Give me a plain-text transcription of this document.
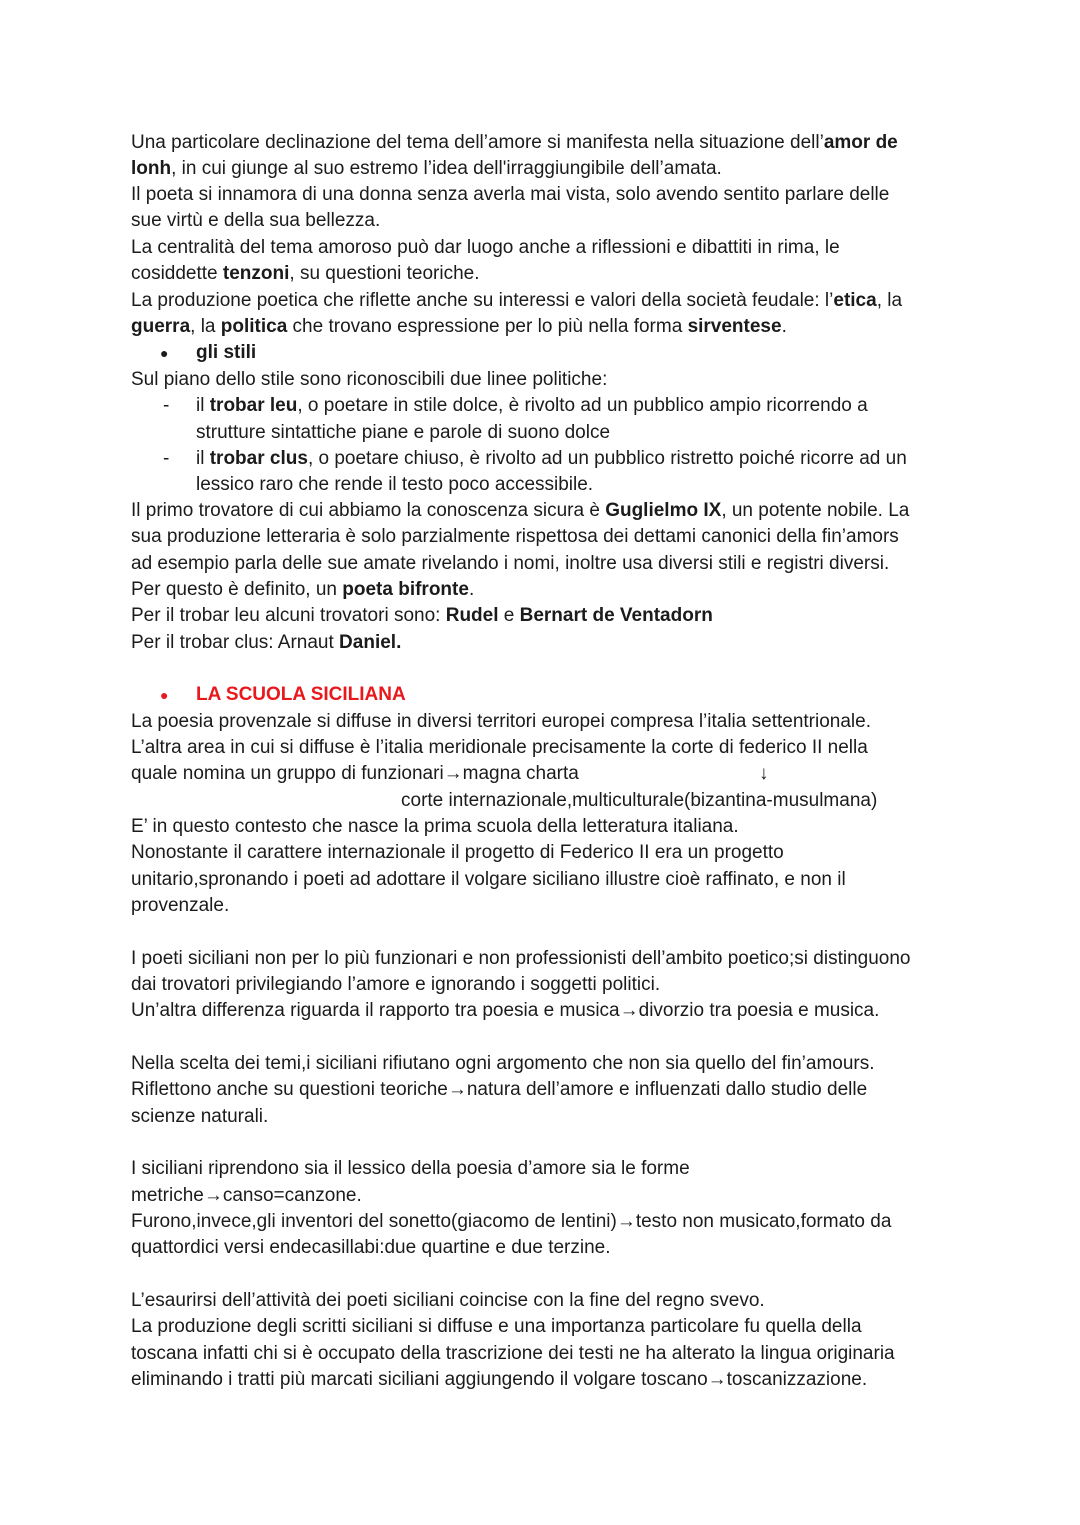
Una particolare declinazione del tema dell’amore si manifesta nella situazione dell’amor de
lonh, in cui giunge al suo estremo l’idea dell'irraggiungibile dell’amata.
Il poeta si innamora di una donna senza averla mai vista, solo avendo sentito parlare delle
sue virtù e della sua bellezza.
La centralità del tema amoroso può dar luogo anche a riflessioni e dibattiti in rima, le
cosiddette tenzoni, su questioni teoriche.
La produzione poetica che riflette anche su interessi e valori della società feudale: l’etica, la
guerra, la politica che trovano espressione per lo più nella forma sirventese.
● gli stili
Sul piano dello stile sono riconoscibili due linee politiche:
- il trobar leu, o poetare in stile dolce, è rivolto ad un pubblico ampio ricorrendo a
strutture sintattiche piane e parole di suono dolce
- il trobar clus, o poetare chiuso, è rivolto ad un pubblico ristretto poiché ricorre ad un
lessico raro che rende il testo poco accessibile.
Il primo trovatore di cui abbiamo la conoscenza sicura è Guglielmo IX, un potente nobile. La
sua produzione letteraria è solo parzialmente rispettosa dei dettami canonici della fin’amors
ad esempio parla delle sue amate rivelando i nomi, inoltre usa diversi stili e registri diversi.
Per questo è definito, un poeta bifronte.
Per il trobar leu alcuni trovatori sono: Rudel e Bernart de Ventadorn
Per il trobar clus: Arnaut Daniel.
● LA SCUOLA SICILIANA
La poesia provenzale si diffuse in diversi territori europei compresa l’italia settentrionale.
L’altra area in cui si diffuse è l’italia meridionale precisamente la corte di federico II nella
quale nomina un gruppo di funzionari→magna charta	↓
corte internazionale,multiculturale(bizantina-musulmana)
E’ in questo contesto che nasce la prima scuola della letteratura italiana.
Nonostante il carattere internazionale il progetto di Federico II era un progetto
unitario,spronando i poeti ad adottare il volgare siciliano illustre cioè raffinato, e non il
provenzale.
I poeti siciliani non per lo più funzionari e non professionisti dell’ambito poetico;si distinguono
dai trovatori privilegiando l’amore e ignorando i soggetti politici.
Un’altra differenza riguarda il rapporto tra poesia e musica→divorzio tra poesia e musica.
Nella scelta dei temi,i siciliani rifiutano ogni argomento che non sia quello del fin’amours.
Riflettono anche su questioni teoriche→natura dell’amore e influenzati dallo studio delle
scienze naturali.
I siciliani riprendono sia il lessico della poesia d’amore sia le forme
metriche→canso=canzone.
Furono,invece,gli inventori del sonetto(giacomo de lentini)→testo non musicato,formato da
quattordici versi endecasillabi:due quartine e due terzine.
L’esaurirsi dell’attività dei poeti siciliani coincise con la fine del regno svevo.
La produzione degli scritti siciliani si diffuse e una importanza particolare fu quella della
toscana infatti chi si è occupato della trascrizione dei testi ne ha alterato la lingua originaria
eliminando i tratti più marcati siciliani aggiungendo il volgare toscano→toscanizzazione.
